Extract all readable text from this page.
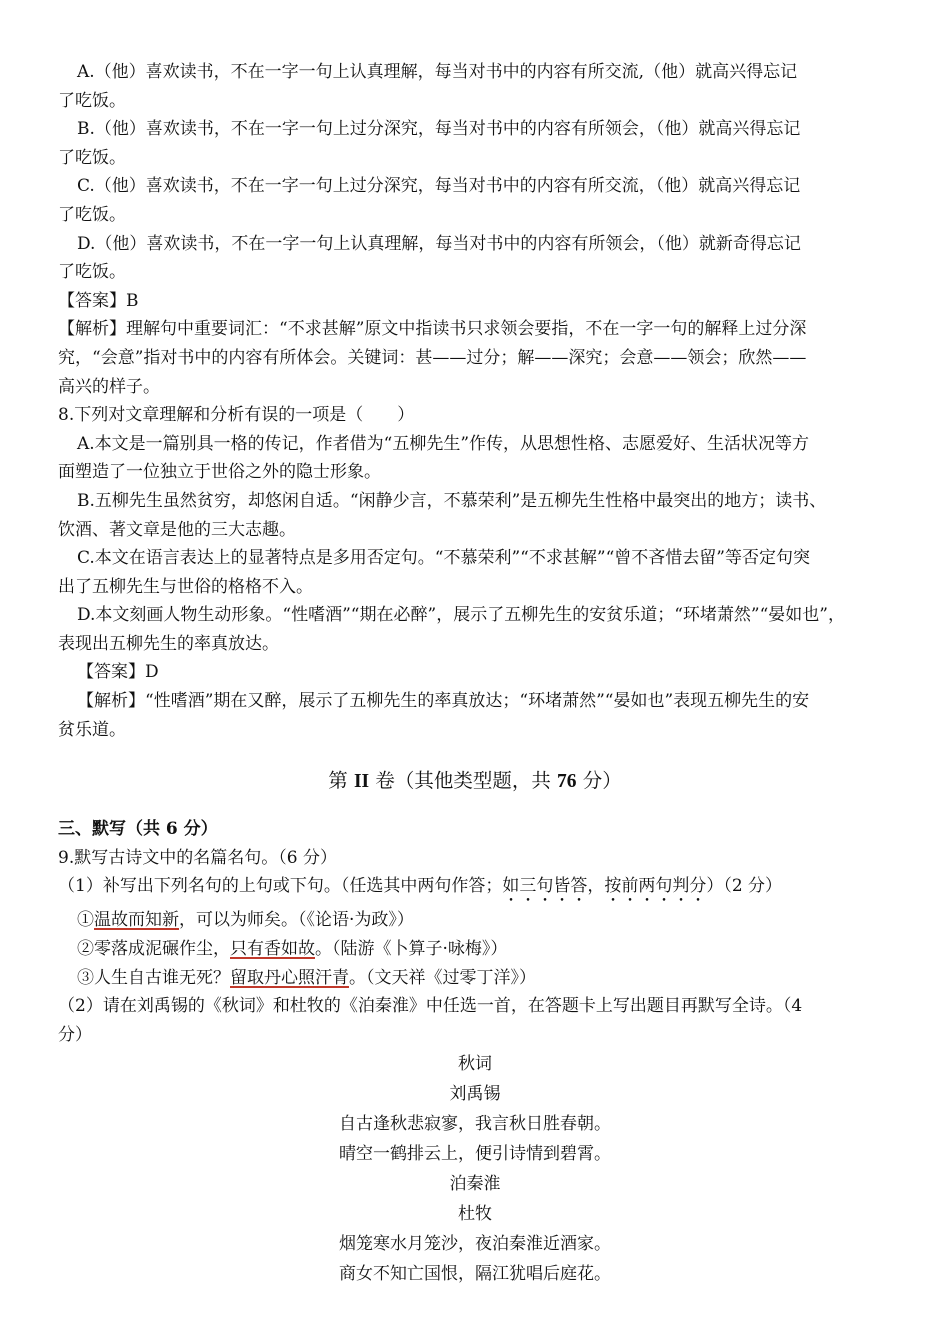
A.（他）喜欢读书，不在一字一句上认真理解，每当对书中的内容有所交流,（他）就高兴得忘记

了吃饭。

B.（他）喜欢读书，不在一字一句上过分深究，每当对书中的内容有所领会，（他）就高兴得忘记

了吃饭。

C.（他）喜欢读书，不在一字一句上过分深究，每当对书中的内容有所交流，（他）就高兴得忘记

了吃饭。

D.（他）喜欢读书，不在一字一句上认真理解，每当对书中的内容有所领会，（他）就新奇得忘记

了吃饭。

【答案】B

【解析】理解句中重要词汇：“不求甚解”原文中指读书只求领会要指，不在一字一句的解释上过分深

究，“会意”指对书中的内容有所体会。关键词：甚——过分；解——深究；会意——领会；欣然——

高兴的样子。

8.下列对文章理解和分析有误的一项是（　　）

A.本文是一篇别具一格的传记，作者借为“五柳先生”作传，从思想性格、志愿爱好、生活状况等方

面塑造了一位独立于世俗之外的隐士形象。

B.五柳先生虽然贫穷，却悠闲自适。“闲静少言，不慕荣利”是五柳先生性格中最突出的地方；读书、

饮酒、著文章是他的三大志趣。

C.本文在语言表达上的显著特点是多用否定句。“不慕荣利”“不求甚解”“曾不吝惜去留”等否定句突

出了五柳先生与世俗的格格不入。

D.本文刻画人物生动形象。“性嗜酒”“期在必醉”，展示了五柳先生的安贫乐道；“环堵萧然”“晏如也”，

表现出五柳先生的率真放达。

【答案】D

【解析】“性嗜酒”期在又醉，展示了五柳先生的率真放达；“环堵萧然”“晏如也”表现五柳先生的安

贫乐道。

第 II 卷（其他类型题，共 76 分）

三、默写（共 6 分）

9.默写古诗文中的名篇名句。（6 分）

（1）补写出下列名句的上句或下句。（任选其中两句作答；如三句皆答，按前两句判分）（2 分）

①温故而知新，可以为师矣。（《论语·为政》）

②零落成泥碾作尘，只有香如故。（陆游《卜算子·咏梅》）

③人生自古谁无死？留取丹心照汗青。（文天祥《过零丁洋》）

（2）请在刘禹锡的《秋词》和杜牧的《泊秦淮》中任选一首，在答题卡上写出题目再默写全诗。（4

分）

秋词

刘禹锡

自古逢秋悲寂寥，我言秋日胜春朝。

晴空一鹤排云上，便引诗情到碧霄。

泊秦淮

杜牧

烟笼寒水月笼沙，夜泊秦淮近酒家。

商女不知亡国恨，隔江犹唱后庭花。
